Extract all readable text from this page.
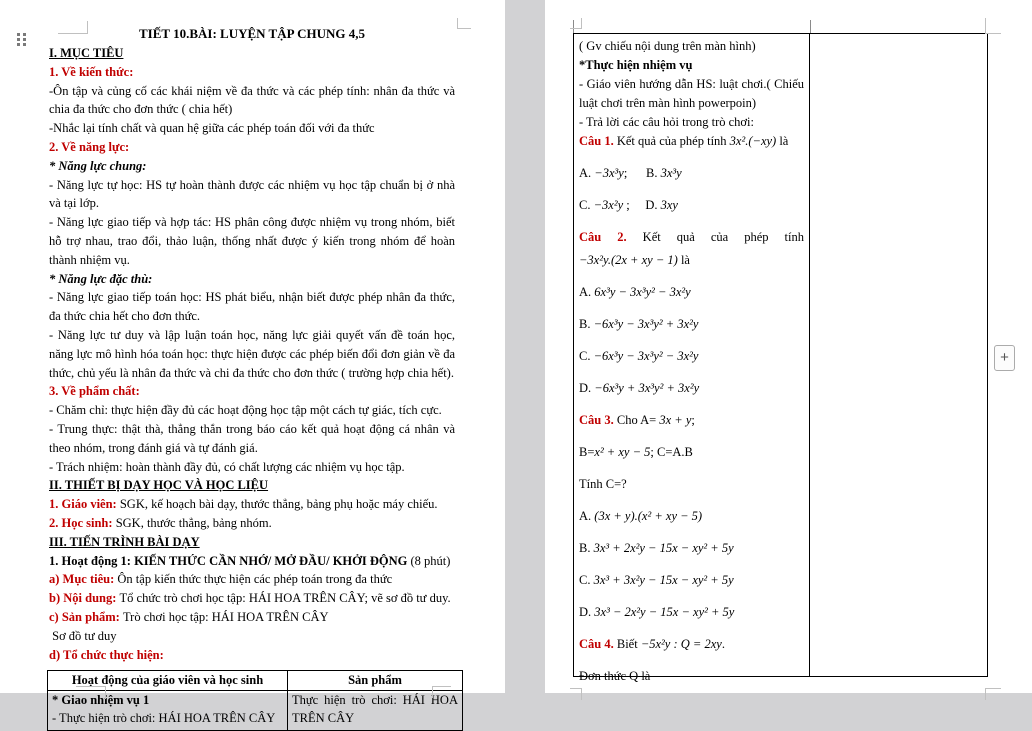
TIẾT 10.BÀI: LUYỆN TẬP CHUNG 4,5

I. MỤC TIÊU

1. Về kiến thức:

-Ôn tập và củng cố các khái niệm về đa thức và các phép tính: nhân đa thức và chia đa thức cho đơn thức ( chia hết)

-Nhắc lại tính chất và quan hệ giữa các phép toán đối với đa thức

2. Về năng lực:

* Năng lực chung:

- Năng lực tự học: HS tự hoàn thành được các nhiệm vụ học tập chuẩn bị ở nhà và tại lớp.

- Năng lực giao tiếp và hợp tác: HS phân công được nhiệm vụ trong nhóm, biết hỗ trợ nhau, trao đổi, thảo luận, thống nhất được ý kiến trong nhóm để hoàn thành nhiệm vụ.

* Năng lực đặc thù:

- Năng lực giao tiếp toán học: HS phát biểu, nhận biết được phép nhân đa thức, đa thức chia hết cho đơn thức.

- Năng lực tư duy và lập luận toán học, năng lực giải quyết vấn đề toán học, năng lực mô hình hóa toán học: thực hiện được các phép biến đổi đơn giản về đa thức, chủ yếu là nhân đa thức và chi đa thức cho đơn thức ( trường hợp chia hết).

3. Về phẩm chất:

- Chăm chỉ: thực hiện đầy đủ các hoạt động học tập một cách tự giác, tích cực.

- Trung thực: thật thà, thẳng thắn trong báo cáo kết quả hoạt động cá nhân và theo nhóm, trong đánh giá và tự đánh giá.

- Trách nhiệm: hoàn thành đầy đủ, có chất lượng các nhiệm vụ học tập.

II. THIẾT BỊ DẠY HỌC VÀ HỌC LIỆU

1. Giáo viên: SGK, kế hoạch bài dạy, thước thẳng, bảng phụ hoặc máy chiếu.

2. Học sinh: SGK, thước thẳng, bảng nhóm.

III. TIẾN TRÌNH BÀI DẠY

1. Hoạt động 1: KIẾN THỨC CẦN NHỚ/ MỞ ĐẦU/ KHỞI ĐỘNG (8 phút)

a) Mục tiêu: Ôn tập kiến thức thực hiện các phép toán trong đa thức

b) Nội dung: Tổ chức trò chơi học tập: HÁI HOA TRÊN CÂY; vẽ sơ đồ tư duy.

c) Sản phẩm: Trò chơi học tập: HÁI HOA TRÊN CÂY

Sơ đồ tư duy

d) Tổ chức thực hiện:

Hoạt động của giáo viên và học sinh	Sản phẩm

* Giao nhiệm vụ 1
- Thực hiện trò chơi: HÁI HOA TRÊN CÂY	Thực hiện trò chơi: HÁI HOA TRÊN CÂY

( Gv chiếu nội dung trên màn hình)

*Thực hiện nhiệm vụ

- Giáo viên hướng dẫn HS: luật chơi.( Chiếu luật chơi trên màn hình powerpoin)

- Trả lời các câu hỏi trong trò chơi:

Câu 1. Kết quả của phép tính 3x².(−xy) là

A. −3x³y;      B. 3x³y

C. −3x²y ;     D. 3xy

Câu 2. Kết quả của phép tính

−3x²y.(2x + xy − 1) là

A. 6x³y − 3x³y² − 3x²y

B. −6x³y − 3x³y² + 3x²y

C. −6x³y − 3x³y² − 3x²y

D. −6x³y + 3x³y² + 3x²y

Câu 3. Cho A= 3x + y;

B=x² + xy − 5; C=A.B

Tính C=?

A. (3x + y).(x² + xy − 5)

B. 3x³ + 2x²y − 15x − xy² + 5y

C. 3x³ + 3x²y − 15x − xy² + 5y

D. 3x³ − 2x²y − 15x − xy² + 5y

Câu 4. Biết −5x²y : Q = 2xy.

Đơn thức Q là

+
